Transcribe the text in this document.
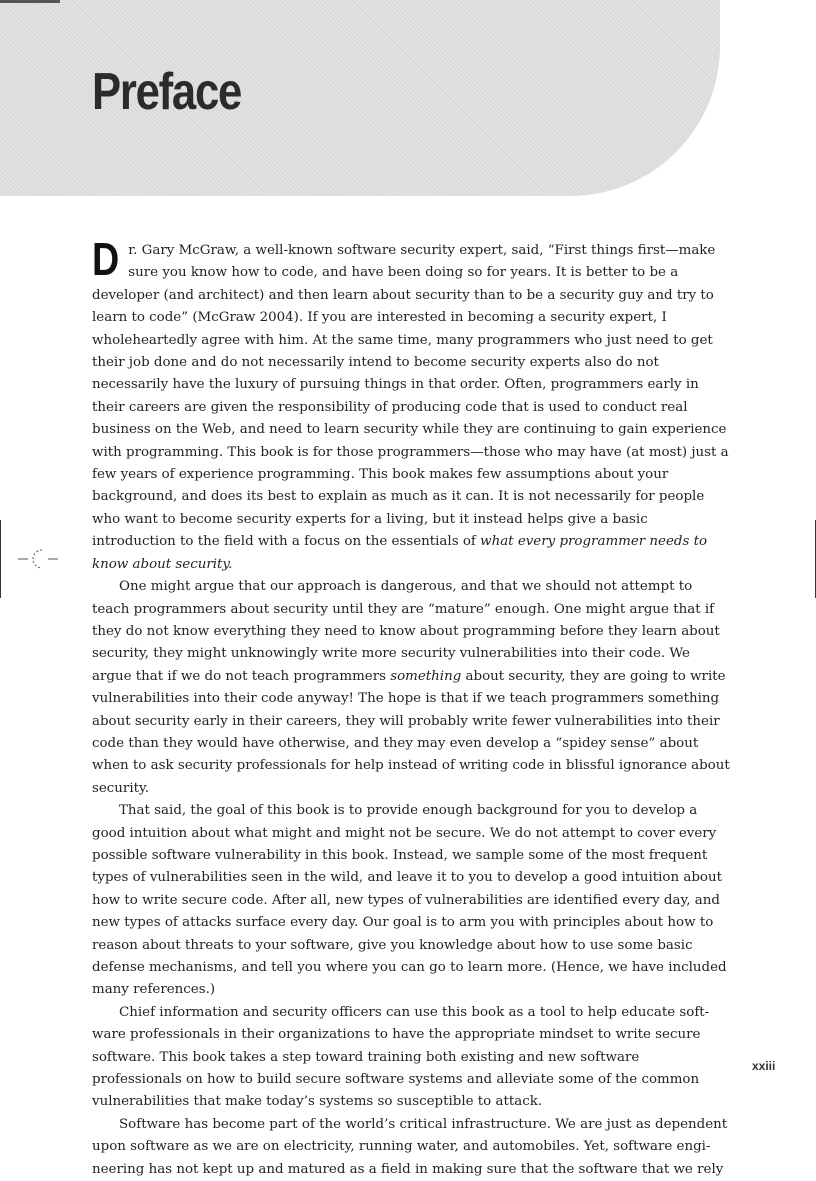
Preface

Dr. Gary McGraw, a well-known software security expert, said, “First things first—make sure you know how to code, and have been doing so for years. It is better to be a developer (and architect) and then learn about security than to be a security guy and try to learn to code” (McGraw 2004). If you are interested in becoming a security expert, I wholeheartedly agree with him. At the same time, many programmers who just need to get their job done and do not necessarily intend to become security experts also do not necessarily have the luxury of pursuing things in that order. Often, programmers early in their careers are given the responsibility of producing code that is used to conduct real business on the Web, and need to learn security while they are continuing to gain experience with programming. This book is for those programmers—those who may have (at most) just a few years of experience programming. This book makes few assumptions about your background, and does its best to explain as much as it can. It is not necessarily for people who want to become security experts for a living, but it instead helps give a basic introduction to the field with a focus on the essentials of what every programmer needs to know about security.

One might argue that our approach is dangerous, and that we should not attempt to teach programmers about security until they are “mature” enough. One might argue that if they do not know everything they need to know about programming before they learn about security, they might unknowingly write more security vulnerabilities into their code. We argue that if we do not teach programmers something about security, they are going to write vulnerabilities into their code anyway! The hope is that if we teach programmers something about security early in their careers, they will probably write fewer vulnerabilities into their code than they would have otherwise, and they may even develop a “spidey sense” about when to ask security professionals for help instead of writing code in blissful ignorance about security.

That said, the goal of this book is to provide enough background for you to develop a good intuition about what might and might not be secure. We do not attempt to cover every possible software vulnerability in this book. Instead, we sample some of the most frequent types of vulnerabilities seen in the wild, and leave it to you to develop a good intuition about how to write secure code. After all, new types of vulnerabilities are identified every day, and new types of attacks surface every day. Our goal is to arm you with principles about how to reason about threats to your software, give you knowledge about how to use some basic defense mechanisms, and tell you where you can go to learn more. (Hence, we have included many references.)

Chief information and security officers can use this book as a tool to help educate software professionals in their organizations to have the appropriate mindset to write secure software. This book takes a step toward training both existing and new software professionals on how to build secure software systems and alleviate some of the common vulnerabilities that make today’s systems so susceptible to attack.

Software has become part of the world’s critical infrastructure. We are just as dependent upon software as we are on electricity, running water, and automobiles. Yet, software engineering has not kept up and matured as a field in making sure that the software that we rely

xxiii
